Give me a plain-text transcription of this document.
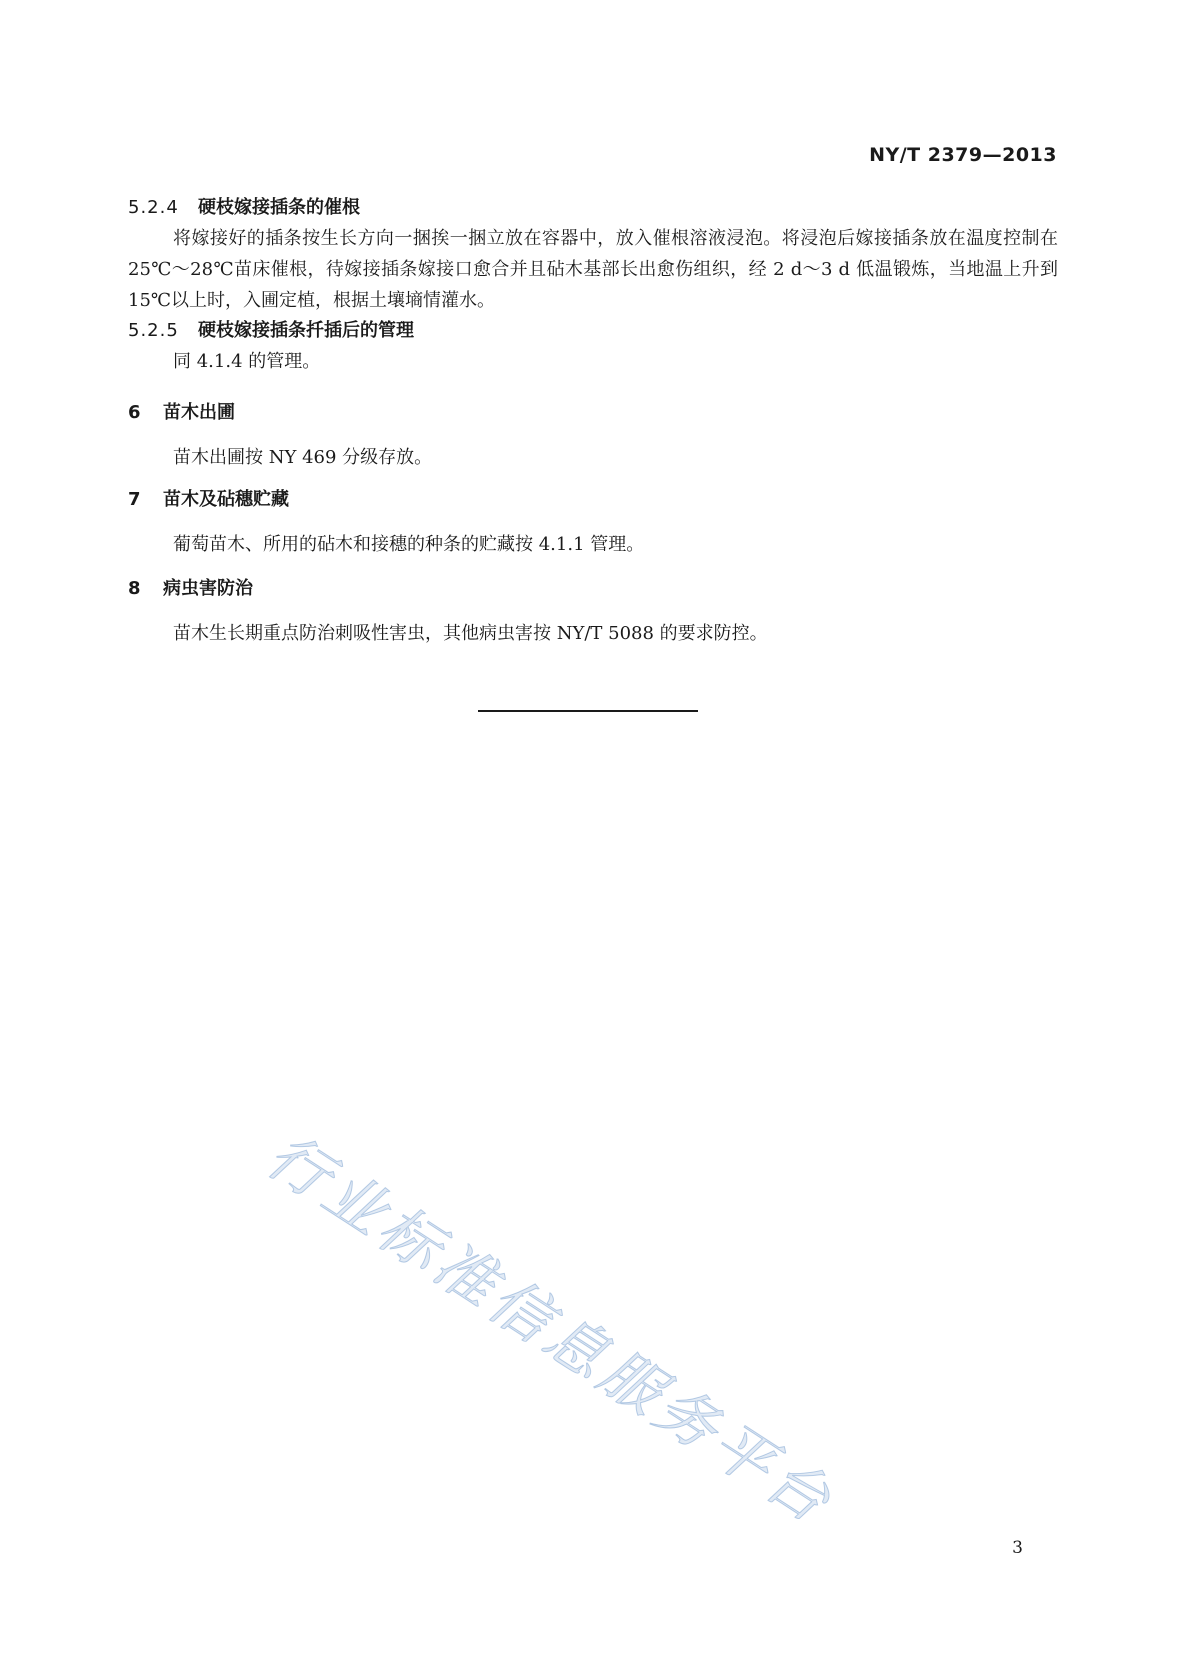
NY/T 2379—2013
5.2.4 硬枝嫁接插条的催根

将嫁接好的插条按生长方向一捆挨一捆立放在容器中，放入催根溶液浸泡。将浸泡后嫁接插条放在温度控制在 25℃～28℃苗床催根，待嫁接插条嫁接口愈合并且砧木基部长出愈伤组织，经 2 d～3 d 低温锻炼，当地温上升到 15℃以上时，入圃定植，根据土壤墒情灌水。

5.2.5 硬枝嫁接插条扦插后的管理

同 4.1.4 的管理。

6 苗木出圃

苗木出圃按 NY 469 分级存放。

7 苗木及砧穗贮藏

葡萄苗木、所用的砧木和接穗的种条的贮藏按 4.1.1 管理。

8 病虫害防治

苗木生长期重点防治刺吸性害虫，其他病虫害按 NY/T 5088 的要求防控。

行业标准信息服务平台
3
